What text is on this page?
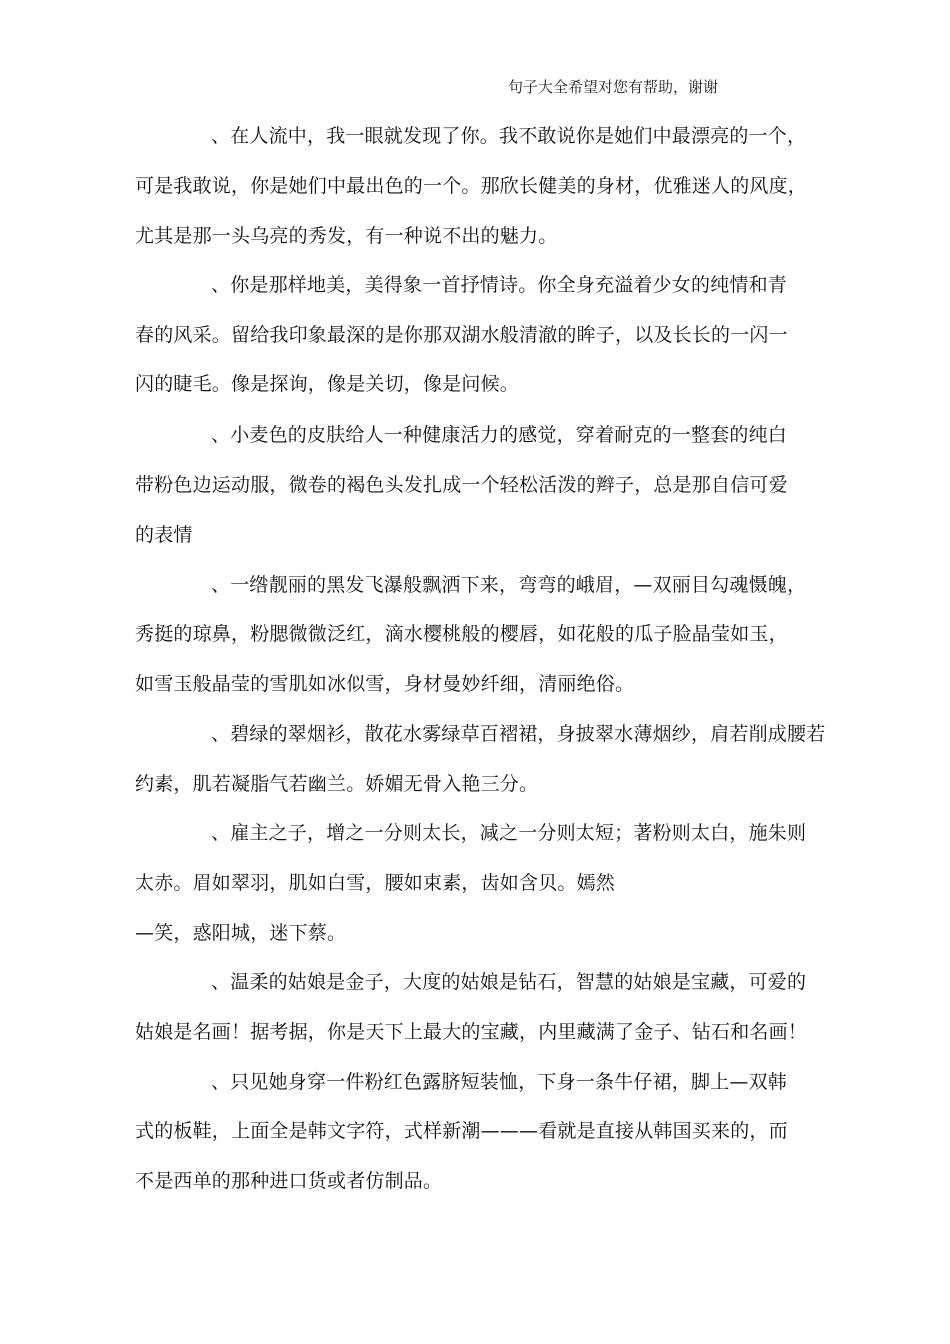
句子大全希望对您有帮助，谢谢
、在人流中，我一眼就发现了你。我不敢说你是她们中最漂亮的一个，
可是我敢说，你是她们中最出色的一个。那欣长健美的身材，优雅迷人的风度，
尤其是那一头乌亮的秀发，有一种说不出的魅力。
、你是那样地美，美得象一首抒情诗。你全身充溢着少女的纯情和青
春的风采。留给我印象最深的是你那双湖水般清澈的眸子，以及长长的一闪一
闪的睫毛。像是探询，像是关切，像是问候。
、小麦色的皮肤给人一种健康活力的感觉，穿着耐克的一整套的纯白
带粉色边运动服，微卷的褐色头发扎成一个轻松活泼的辫子，总是那自信可爱
的表情
、一绺靓丽的黑发飞瀑般飘洒下来，弯弯的峨眉，—双丽目勾魂慑魄，
秀挺的琼鼻，粉腮微微泛红，滴水樱桃般的樱唇，如花般的瓜子脸晶莹如玉，
如雪玉般晶莹的雪肌如冰似雪，身材曼妙纤细，清丽绝俗。
、碧绿的翠烟衫，散花水雾绿草百褶裙，身披翠水薄烟纱，肩若削成腰若
约素，肌若凝脂气若幽兰。娇媚无骨入艳三分。
、雇主之子，增之一分则太长，减之一分则太短；著粉则太白，施朱则
太赤。眉如翠羽，肌如白雪，腰如束素，齿如含贝。嫣然
—笑，惑阳城，迷下蔡。
、温柔的姑娘是金子，大度的姑娘是钻石，智慧的姑娘是宝藏，可爱的
姑娘是名画！据考据，你是天下上最大的宝藏，内里藏满了金子、钻石和名画！
、只见她身穿一件粉红色露脐短装恤，下身一条牛仔裙，脚上—双韩
式的板鞋，上面全是韩文字符，式样新潮———看就是直接从韩国买来的，而
不是西单的那种进口货或者仿制品。
